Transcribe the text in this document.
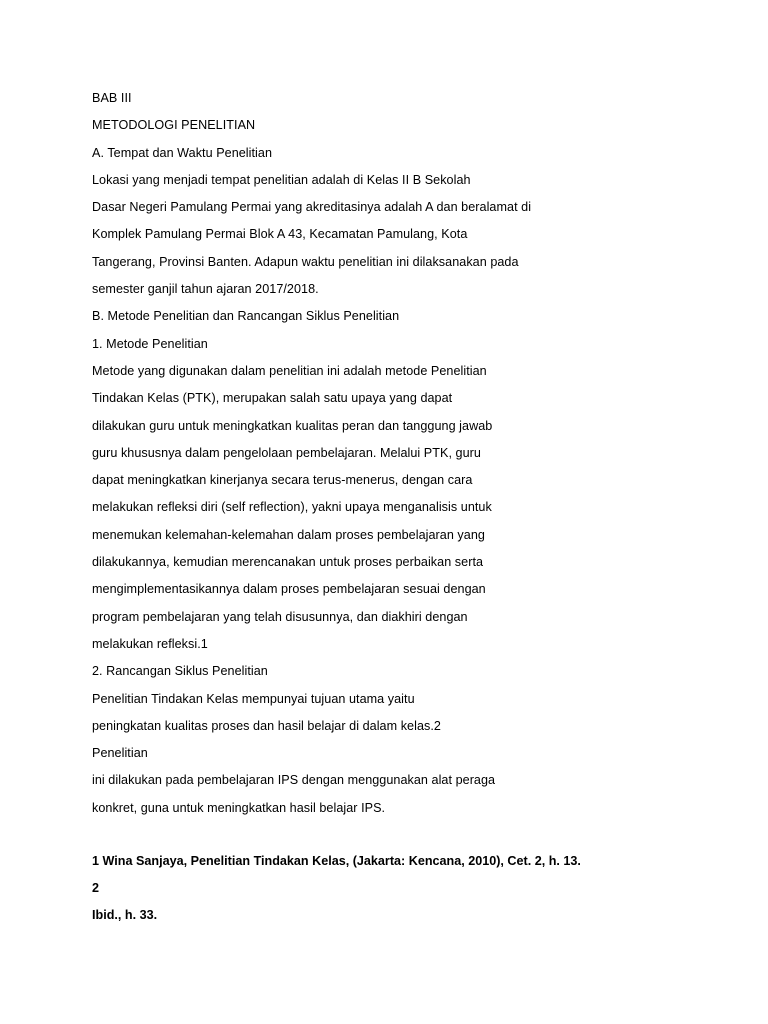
BAB III
METODOLOGI PENELITIAN
A. Tempat dan Waktu Penelitian
Lokasi yang menjadi tempat penelitian adalah di Kelas II B Sekolah
Dasar Negeri Pamulang Permai yang akreditasinya adalah A dan beralamat di
Komplek Pamulang Permai Blok A 43, Kecamatan Pamulang, Kota
Tangerang, Provinsi Banten. Adapun waktu penelitian ini dilaksanakan pada
semester ganjil tahun ajaran 2017/2018.
B. Metode Penelitian dan Rancangan Siklus Penelitian
1. Metode Penelitian
Metode yang digunakan dalam penelitian ini adalah metode Penelitian
Tindakan Kelas (PTK), merupakan salah satu upaya yang dapat
dilakukan guru untuk meningkatkan kualitas peran dan tanggung jawab
guru khususnya dalam pengelolaan pembelajaran. Melalui PTK, guru
dapat meningkatkan kinerjanya secara terus-menerus, dengan cara
melakukan refleksi diri (self reflection), yakni upaya menganalisis untuk
menemukan kelemahan-kelemahan dalam proses pembelajaran yang
dilakukannya, kemudian merencanakan untuk proses perbaikan serta
mengimplementasikannya dalam proses pembelajaran sesuai dengan
program pembelajaran yang telah disusunnya, dan diakhiri dengan
melakukan refleksi.1
2. Rancangan Siklus Penelitian
Penelitian Tindakan Kelas mempunyai tujuan utama yaitu
peningkatan kualitas proses dan hasil belajar di dalam kelas.2
Penelitian
ini dilakukan pada pembelajaran IPS dengan menggunakan alat peraga
konkret, guna untuk meningkatkan hasil belajar IPS.
1 Wina Sanjaya, Penelitian Tindakan Kelas, (Jakarta: Kencana, 2010), Cet. 2, h. 13.
2
Ibid., h. 33.
